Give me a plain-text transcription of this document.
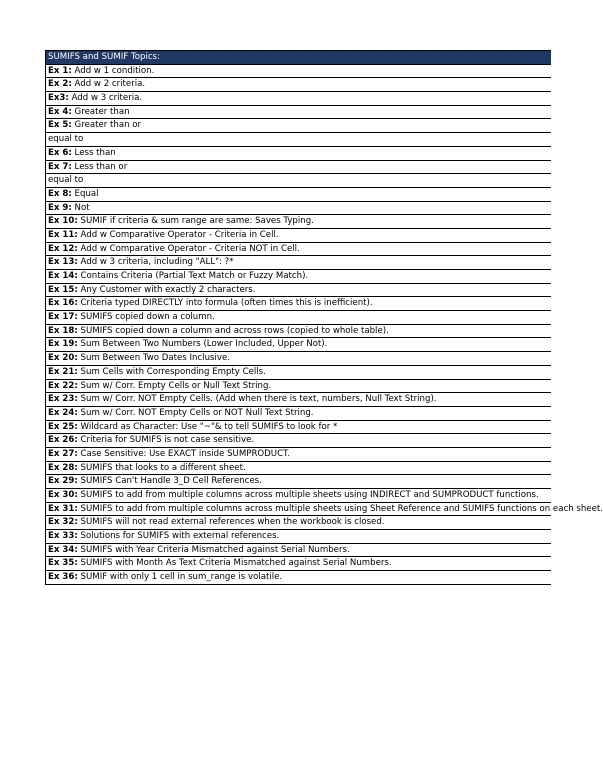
SUMIFS and SUMIF Topics:
Ex 1: Add w 1 condition.
Ex 2: Add w 2 criteria.
Ex3: Add w 3 criteria.
Ex 4: Greater than
Ex 5: Greater than or
equal to
Ex 6: Less than
Ex 7: Less than or
equal to
Ex 8: Equal
Ex 9: Not
Ex 10: SUMIF if criteria & sum range are same: Saves Typing.
Ex 11: Add w Comparative Operator - Criteria in Cell.
Ex 12: Add w Comparative Operator - Criteria NOT in Cell.
Ex 13: Add w 3 criteria, including "ALL": ?*
Ex 14: Contains Criteria (Partial Text Match or Fuzzy Match).
Ex 15: Any Customer with exactly 2 characters.
Ex 16: Criteria typed DIRECTLY into formula (often times this is inefficient).
Ex 17: SUMIFS copied down a column.
Ex 18: SUMIFS copied down a column and across rows (copied to whole table).
Ex 19: Sum Between Two Numbers (Lower Included, Upper Not).
Ex 20: Sum Between Two Dates Inclusive.
Ex 21: Sum Cells with Corresponding Empty Cells.
Ex 22: Sum w/ Corr. Empty Cells or Null Text String.
Ex 23: Sum w/ Corr. NOT Empty Cells. (Add when there is text, numbers, Null Text String).
Ex 24: Sum w/ Corr. NOT Empty Cells or NOT Null Text String.
Ex 25: Wildcard as Character: Use "~"& to tell SUMIFS to look for *
Ex 26: Criteria for SUMIFS is not case sensitive.
Ex 27: Case Sensitive: Use EXACT inside SUMPRODUCT.
Ex 28: SUMIFS that looks to a different sheet.
Ex 29: SUMIFS Can't Handle 3_D Cell References.
Ex 30: SUMIFS to add from multiple columns across multiple sheets using INDIRECT and SUMPRODUCT functions.
Ex 31: SUMIFS to add from multiple columns across multiple sheets using Sheet Reference and SUMIFS functions on each sheet.
Ex 32: SUMIFS will not read external references when the workbook is closed.
Ex 33: Solutions for SUMIFS with external references.
Ex 34: SUMIFS with Year Criteria Mismatched against Serial Numbers.
Ex 35: SUMIFS with Month As Text Criteria Mismatched against Serial Numbers.
Ex 36: SUMIF with only 1 cell in sum_range is volatile.
